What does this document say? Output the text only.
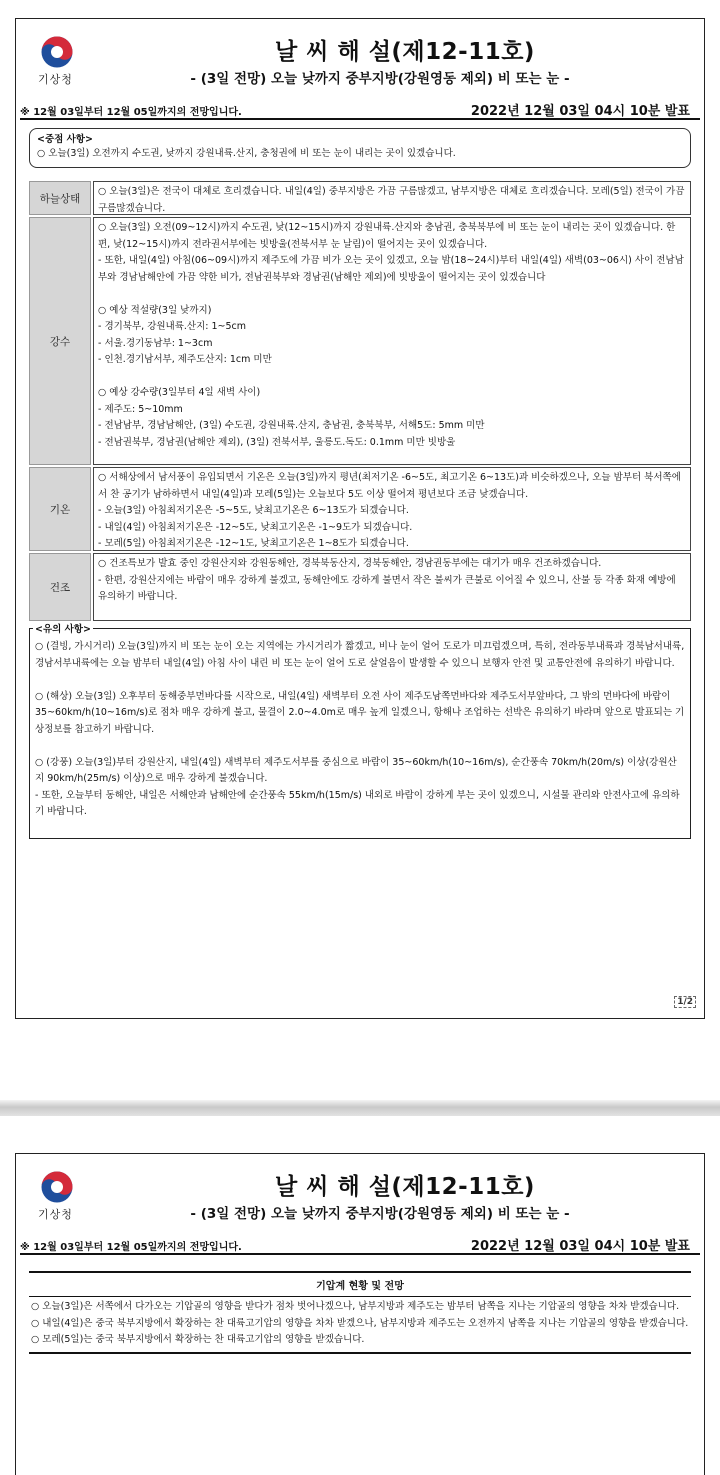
기상청
날 씨 해 설(제12-11호)
- (3일 전망) 오늘 낮까지 중부지방(강원영동 제외) 비 또는 눈 -
※ 12월 03일부터 12월 05일까지의 전망입니다.	2022년 12월 03일 04시 10분 발표
<중점 사항>
○ 오늘(3일) 오전까지 수도권, 낮까지 강원내륙.산지, 충청권에 비 또는 눈이 내리는 곳이 있겠습니다.
하늘상태
○ 오늘(3일)은 전국이 대체로 흐리겠습니다. 내일(4일) 중부지방은 가끔 구름많겠고, 남부지방은 대체로 흐리겠습니다. 모레(5일) 전국이 가끔 구름많겠습니다.
강수
○ 오늘(3일) 오전(09~12시)까지 수도권, 낮(12~15시)까지 강원내륙.산지와 충남권, 충북북부에 비 또는 눈이 내리는 곳이 있겠습니다. 한편, 낮(12~15시)까지 전라권서부에는 빗방울(전북서부 눈 날림)이 떨어지는 곳이 있겠습니다.
- 또한, 내일(4일) 아침(06~09시)까지 제주도에 가끔 비가 오는 곳이 있겠고, 오늘 밤(18~24시)부터 내일(4일) 새벽(03~06시) 사이 전남남부와 경남남해안에 가끔 약한 비가, 전남권북부와 경남권(남해안 제외)에 빗방울이 떨어지는 곳이 있겠습니다
○ 예상 적설량(3일 낮까지)
- 경기북부, 강원내륙.산지: 1~5cm
- 서울.경기동남부: 1~3cm
- 인천.경기남서부, 제주도산지: 1cm 미만
○ 예상 강수량(3일부터 4일 새벽 사이)
- 제주도: 5~10mm
- 전남남부, 경남남해안, (3일) 수도권, 강원내륙.산지, 충남권, 충북북부, 서해5도: 5mm 미만
- 전남권북부, 경남권(남해안 제외), (3일) 전북서부, 울릉도.독도: 0.1mm 미만 빗방울
기온
○ 서해상에서 남서풍이 유입되면서 기온은 오늘(3일)까지 평년(최저기온 -6~5도, 최고기온 6~13도)과 비슷하겠으나, 오늘 밤부터 북서쪽에서 찬 공기가 남하하면서 내일(4일)과 모레(5일)는 오늘보다 5도 이상 떨어져 평년보다 조금 낮겠습니다.
- 오늘(3일) 아침최저기온은 -5~5도, 낮최고기온은 6~13도가 되겠습니다.
- 내일(4일) 아침최저기온은 -12~5도, 낮최고기온은 -1~9도가 되겠습니다.
- 모레(5일) 아침최저기온은 -12~1도, 낮최고기온은 1~8도가 되겠습니다.
건조
○ 건조특보가 발효 중인 강원산지와 강원동해안, 경북북동산지, 경북동해안, 경남권동부에는 대기가 매우 건조하겠습니다.
- 한편, 강원산지에는 바람이 매우 강하게 불겠고, 동해안에도 강하게 불면서 작은 불씨가 큰불로 이어질 수 있으니, 산불 등 각종 화재 예방에 유의하기 바랍니다.
<유의 사항>
○ (결빙, 가시거리) 오늘(3일)까지 비 또는 눈이 오는 지역에는 가시거리가 짧겠고, 비나 눈이 얼어 도로가 미끄럽겠으며, 특히, 전라동부내륙과 경북남서내륙, 경남서부내륙에는 오늘 밤부터 내일(4일) 아침 사이 내린 비 또는 눈이 얼어 도로 살얼음이 발생할 수 있으니 보행자 안전 및 교통안전에 유의하기 바랍니다.
○ (해상) 오늘(3일) 오후부터 동해중부먼바다를 시작으로, 내일(4일) 새벽부터 오전 사이 제주도남쪽먼바다와 제주도서부앞바다, 그 밖의 먼바다에 바람이 35~60km/h(10~16m/s)로 점차 매우 강하게 불고, 물결이 2.0~4.0m로 매우 높게 일겠으니, 항해나 조업하는 선박은 유의하기 바라며 앞으로 발표되는 기상정보를 참고하기 바랍니다.
○ (강풍) 오늘(3일)부터 강원산지, 내일(4일) 새벽부터 제주도서부를 중심으로 바람이 35~60km/h(10~16m/s), 순간풍속 70km/h(20m/s) 이상(강원산지 90km/h(25m/s) 이상)으로 매우 강하게 불겠습니다.
- 또한, 오늘부터 동해안, 내일은 서해안과 남해안에 순간풍속 55km/h(15m/s) 내외로 바람이 강하게 부는 곳이 있겠으니, 시설물 관리와 안전사고에 유의하기 바랍니다.
1/2
기상청
날 씨 해 설(제12-11호)
- (3일 전망) 오늘 낮까지 중부지방(강원영동 제외) 비 또는 눈 -
※ 12월 03일부터 12월 05일까지의 전망입니다.	2022년 12월 03일 04시 10분 발표
기압계 현황 및 전망
○ 오늘(3일)은 서쪽에서 다가오는 기압골의 영향을 받다가 점차 벗어나겠으나, 남부지방과 제주도는 밤부터 남쪽을 지나는 기압골의 영향을 차차 받겠습니다.
○ 내일(4일)은 중국 북부지방에서 확장하는 찬 대륙고기압의 영향을 차차 받겠으나, 남부지방과 제주도는 오전까지 남쪽을 지나는 기압골의 영향을 받겠습니다.
○ 모레(5일)는 중국 북부지방에서 확장하는 찬 대륙고기압의 영향을 받겠습니다.
